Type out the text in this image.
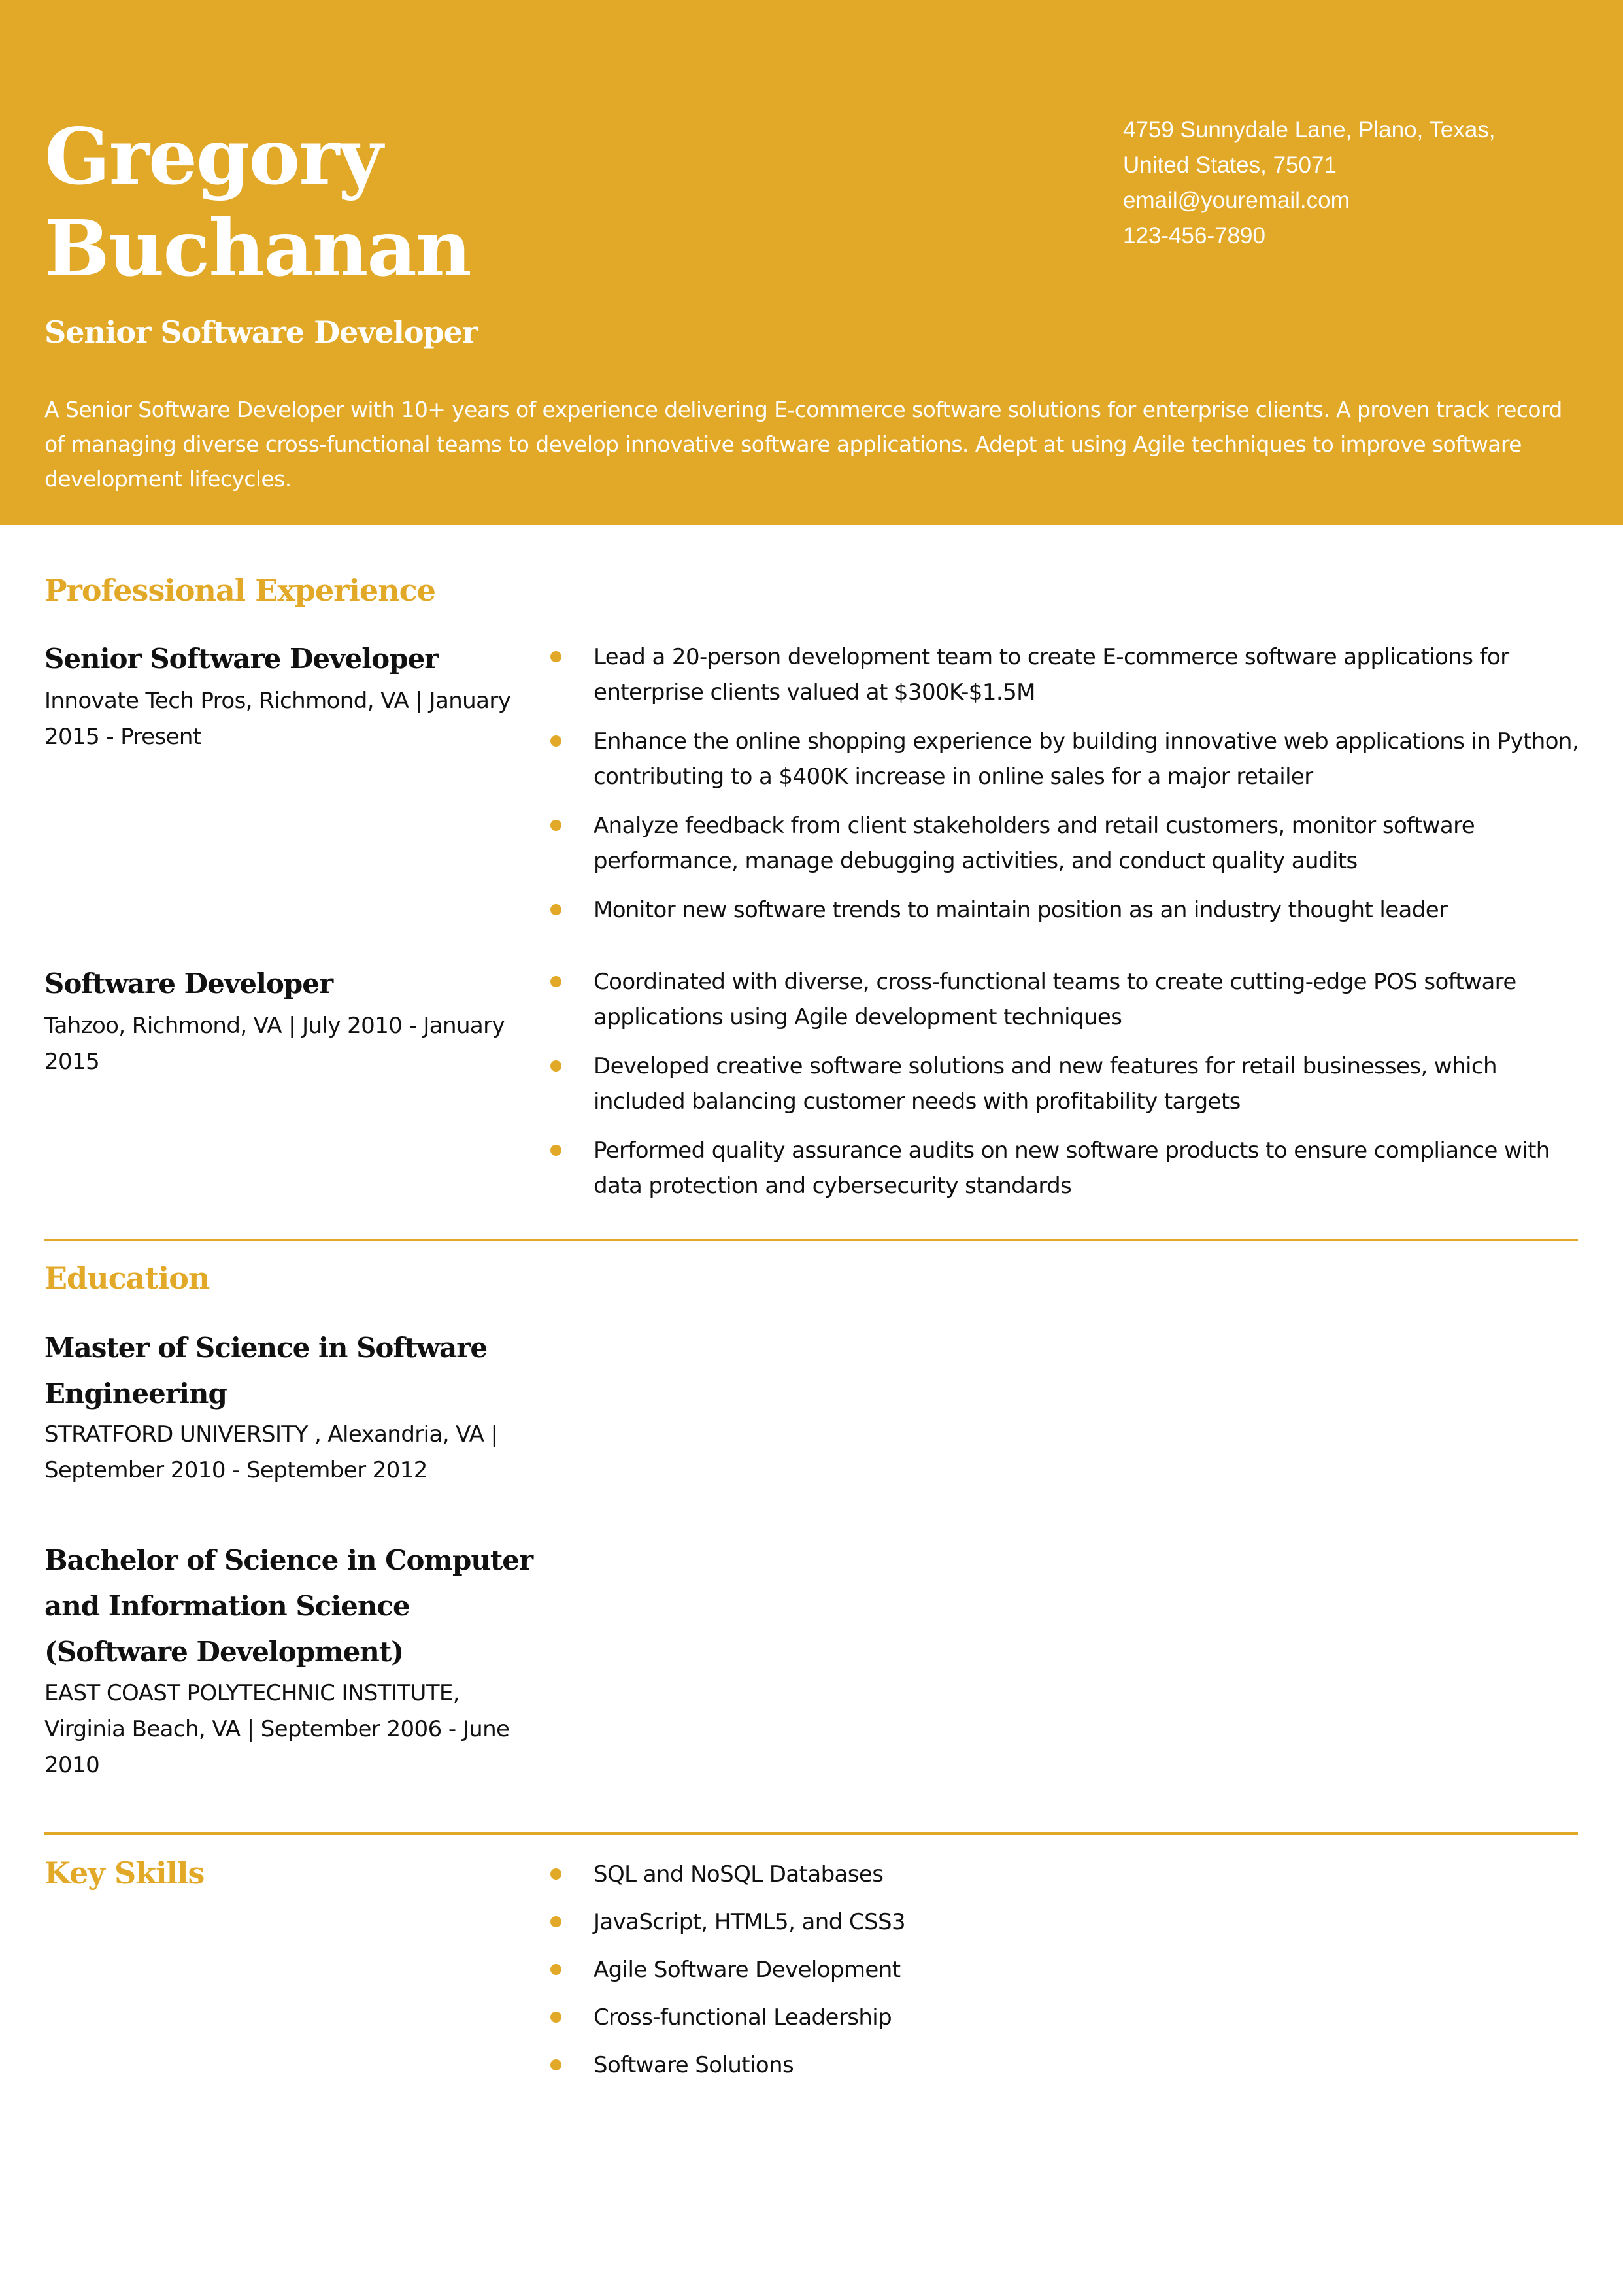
Gregory
Buchanan
Senior Software Developer
4759 Sunnydale Lane, Plano, Texas,
United States, 75071
email@youremail.com
123-456-7890

A Senior Software Developer with 10+ years of experience delivering E-commerce software solutions for enterprise clients. A proven track record of managing diverse cross-functional teams to develop innovative software applications. Adept at using Agile techniques to improve software development lifecycles.

Professional Experience
Senior Software Developer
Innovate Tech Pros, Richmond, VA | January 2015 - Present
Lead a 20-person development team to create E-commerce software applications for enterprise clients valued at $300K-$1.5M
Enhance the online shopping experience by building innovative web applications in Python, contributing to a $400K increase in online sales for a major retailer
Analyze feedback from client stakeholders and retail customers, monitor software performance, manage debugging activities, and conduct quality audits
Monitor new software trends to maintain position as an industry thought leader
Software Developer
Tahzoo, Richmond, VA | July 2010 - January 2015
Coordinated with diverse, cross-functional teams to create cutting-edge POS software applications using Agile development techniques
Developed creative software solutions and new features for retail businesses, which included balancing customer needs with profitability targets
Performed quality assurance audits on new software products to ensure compliance with data protection and cybersecurity standards
Education
Master of Science in Software Engineering
STRATFORD UNIVERSITY , Alexandria, VA | September 2010 - September 2012
Bachelor of Science in Computer and Information Science (Software Development)
EAST COAST POLYTECHNIC INSTITUTE, Virginia Beach, VA | September 2006 - June 2010
Key Skills	SQL and NoSQL Databases
JavaScript, HTML5, and CSS3
Agile Software Development
Cross-functional Leadership
Software Solutions
